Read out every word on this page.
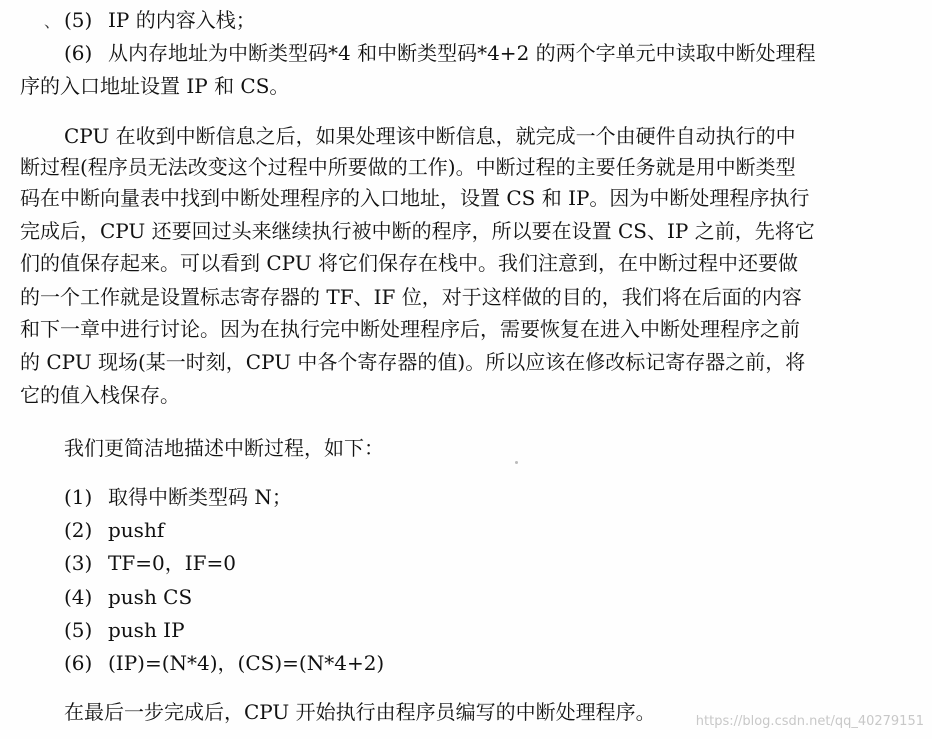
、 (5) IP 的内容入栈；
(6) 从内存地址为中断类型码*4 和中断类型码*4+2 的两个字单元中读取中断处理程
序的入口地址设置 IP 和 CS。
CPU 在收到中断信息之后，如果处理该中断信息，就完成一个由硬件自动执行的中
断过程(程序员无法改变这个过程中所要做的工作)。中断过程的主要任务就是用中断类型
码在中断向量表中找到中断处理程序的入口地址，设置 CS 和 IP。因为中断处理程序执行
完成后，CPU 还要回过头来继续执行被中断的程序，所以要在设置 CS、IP 之前，先将它
们的值保存起来。可以看到 CPU 将它们保存在栈中。我们注意到，在中断过程中还要做
的一个工作就是设置标志寄存器的 TF、IF 位，对于这样做的目的，我们将在后面的内容
和下一章中进行讨论。因为在执行完中断处理程序后，需要恢复在进入中断处理程序之前
的 CPU 现场(某一时刻，CPU 中各个寄存器的值)。所以应该在修改标记寄存器之前，将
它的值入栈保存。
我们更简洁地描述中断过程，如下：
(1) 取得中断类型码 N；
(2) pushf
(3) TF=0，IF=0
(4) push CS
(5) push IP
(6) (IP)=(N*4)，(CS)=(N*4+2)
在最后一步完成后，CPU 开始执行由程序员编写的中断处理程序。	https://blog.csdn.net/qq_40279151
